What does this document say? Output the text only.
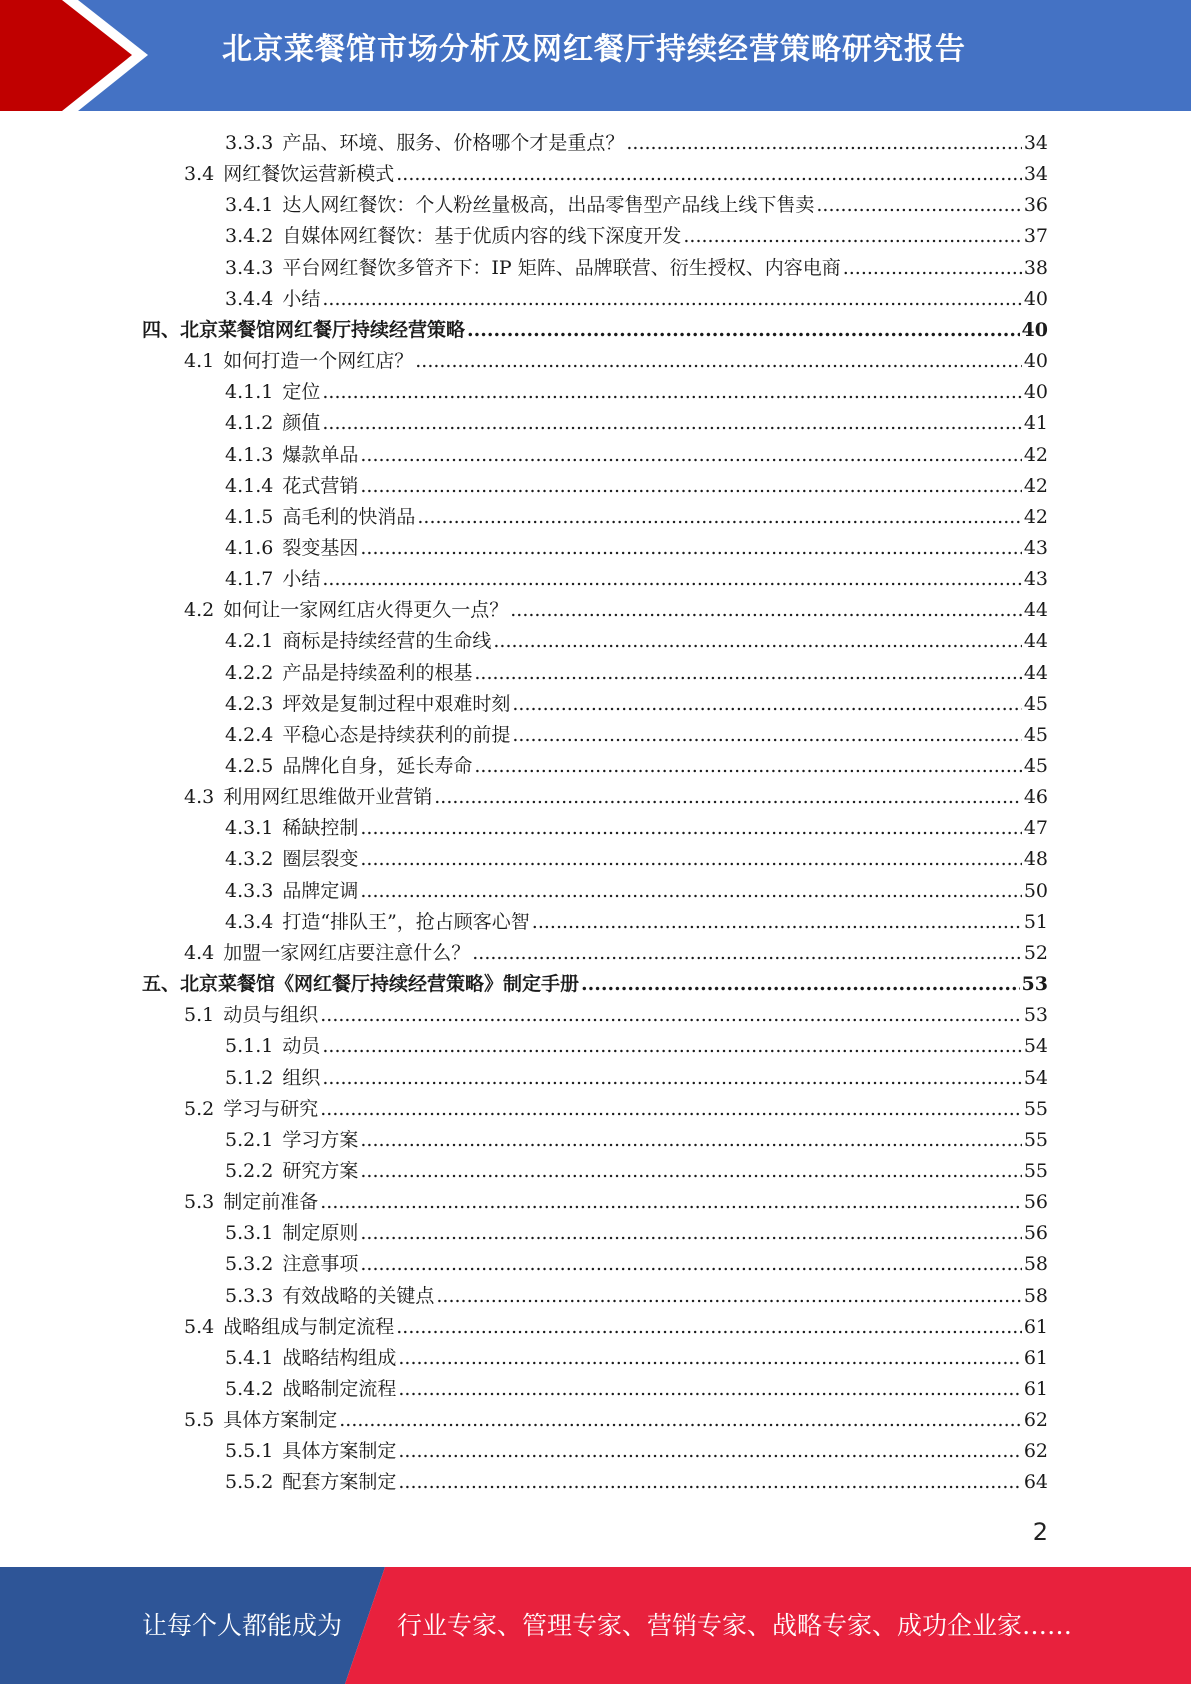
北京菜餐馆市场分析及网红餐厅持续经营策略研究报告
3.3.3 产品、环境、服务、价格哪个才是重点？ .....	34
3.4 网红餐饮运营新模式 .....	34
3.4.1 达人网红餐饮：个人粉丝量极高，出品零售型产品线上线下售卖 .....	36
3.4.2 自媒体网红餐饮：基于优质内容的线下深度开发 .....	37
3.4.3 平台网红餐饮多管齐下：IP 矩阵、品牌联营、衍生授权、内容电商 .....	38
3.4.4 小结 .....	40
四、北京菜餐馆网红餐厅持续经营策略 .....	40
4.1 如何打造一个网红店？ .....	40
4.1.1 定位 .....	40
4.1.2 颜值 .....	41
4.1.3 爆款单品 .....	42
4.1.4 花式营销 .....	42
4.1.5 高毛利的快消品 .....	42
4.1.6 裂变基因 .....	43
4.1.7 小结 .....	43
4.2 如何让一家网红店火得更久一点？ .....	44
4.2.1 商标是持续经营的生命线 .....	44
4.2.2 产品是持续盈利的根基 .....	44
4.2.3 坪效是复制过程中艰难时刻 .....	45
4.2.4 平稳心态是持续获利的前提 .....	45
4.2.5 品牌化自身，延长寿命 .....	45
4.3 利用网红思维做开业营销 .....	46
4.3.1 稀缺控制 .....	47
4.3.2 圈层裂变 .....	48
4.3.3 品牌定调 .....	50
4.3.4 打造“排队王”，抢占顾客心智 .....	51
4.4 加盟一家网红店要注意什么？ .....	52
五、北京菜餐馆《网红餐厅持续经营策略》制定手册 .....	53
5.1 动员与组织 .....	53
5.1.1 动员 .....	54
5.1.2 组织 .....	54
5.2 学习与研究 .....	55
5.2.1 学习方案 .....	55
5.2.2 研究方案 .....	55
5.3 制定前准备 .....	56
5.3.1 制定原则 .....	56
5.3.2 注意事项 .....	58
5.3.3 有效战略的关键点 .....	58
5.4 战略组成与制定流程 .....	61
5.4.1 战略结构组成 .....	61
5.4.2 战略制定流程 .....	61
5.5 具体方案制定 .....	62
5.5.1 具体方案制定 .....	62
5.5.2 配套方案制定 .....	64
2
让每个人都能成为 行业专家、管理专家、营销专家、战略专家、成功企业家……
